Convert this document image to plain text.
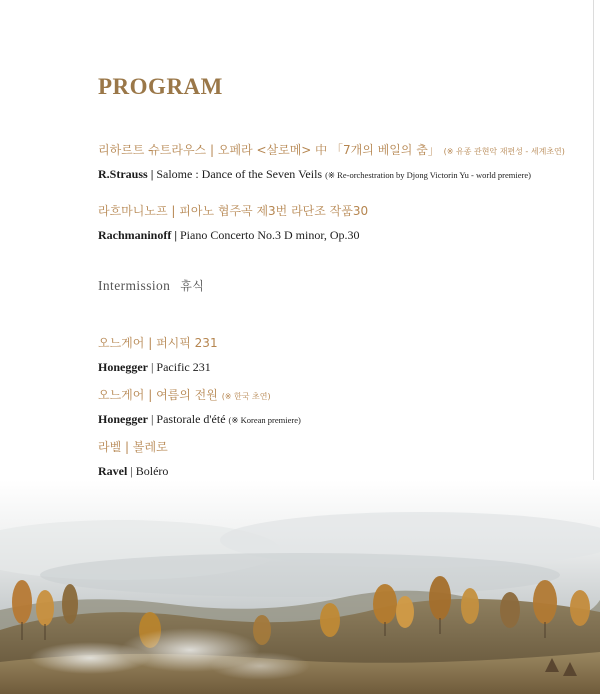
PROGRAM
리하르트 슈트라우스 | 오페라 <살로메> 中 「7개의 베일의 춤」 (※ 유종 관현악 재편성 - 세계초연)
R.Strauss | Salome : Dance of the Seven Veils (※ Re-orchestration by Djong Victorin Yu - world premiere)
라흐마니노프 | 피아노 협주곡 제3번 라단조 작품30
Rachmaninoff | Piano Concerto No.3 D minor, Op.30
Intermission 휴식
오느게어 | 퍼시픽 231
Honegger | Pacific 231
오느게어 | 여름의 전원 (※ 한국 초연)
Honegger | Pastorale d'été (※ Korean premiere)
라벨 | 볼레로
Ravel | Boléro
